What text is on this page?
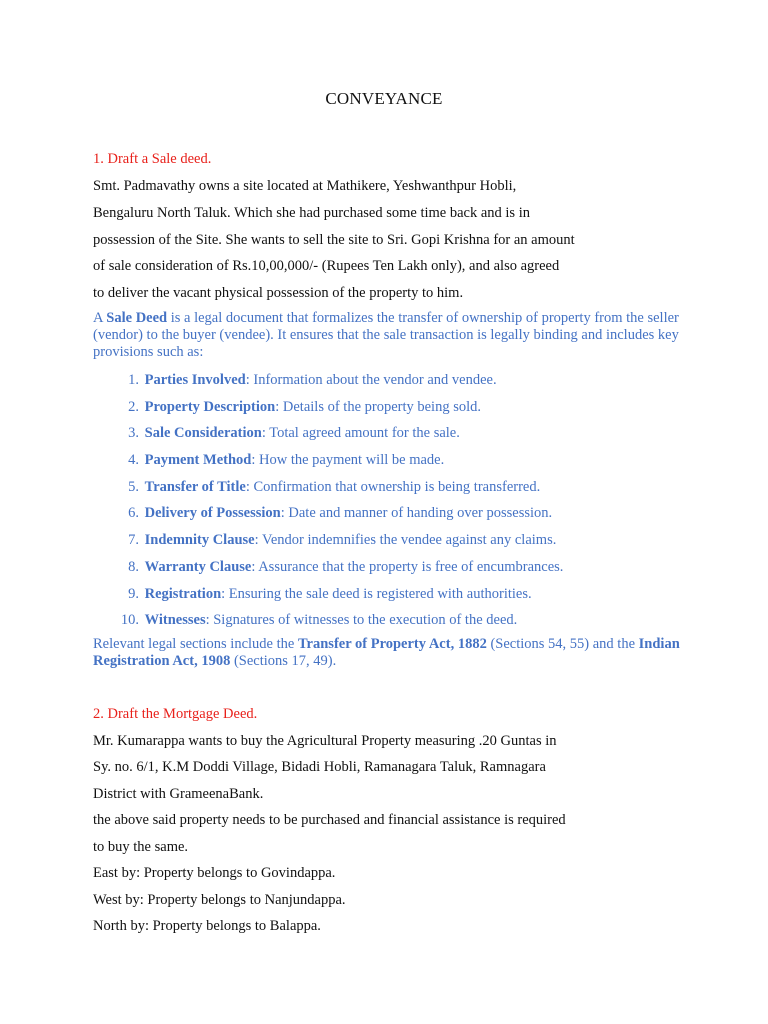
CONVEYANCE
1. Draft a Sale deed.
Smt. Padmavathy owns a site located at Mathikere, Yeshwanthpur Hobli,
Bengaluru North Taluk. Which she had purchased some time back and is in
possession of the Site. She wants to sell the site to Sri. Gopi Krishna for an amount
of sale consideration of Rs.10,00,000/- (Rupees Ten Lakh only), and also agreed
to deliver the vacant physical possession of the property to him.
A Sale Deed is a legal document that formalizes the transfer of ownership of property from the seller (vendor) to the buyer (vendee). It ensures that the sale transaction is legally binding and includes key provisions such as:
1. Parties Involved: Information about the vendor and vendee.
2. Property Description: Details of the property being sold.
3. Sale Consideration: Total agreed amount for the sale.
4. Payment Method: How the payment will be made.
5. Transfer of Title: Confirmation that ownership is being transferred.
6. Delivery of Possession: Date and manner of handing over possession.
7. Indemnity Clause: Vendor indemnifies the vendee against any claims.
8. Warranty Clause: Assurance that the property is free of encumbrances.
9. Registration: Ensuring the sale deed is registered with authorities.
10. Witnesses: Signatures of witnesses to the execution of the deed.
Relevant legal sections include the Transfer of Property Act, 1882 (Sections 54, 55) and the Indian Registration Act, 1908 (Sections 17, 49).
2. Draft the Mortgage Deed.
Mr. Kumarappa wants to buy the Agricultural Property measuring .20 Guntas in
Sy. no. 6/1, K.M Doddi Village, Bidadi Hobli, Ramanagara Taluk, Ramnagara
District with GrameenaBank.
the above said property needs to be purchased and financial assistance is required
to buy the same.
East by: Property belongs to Govindappa.
West by: Property belongs to Nanjundappa.
North by: Property belongs to Balappa.
